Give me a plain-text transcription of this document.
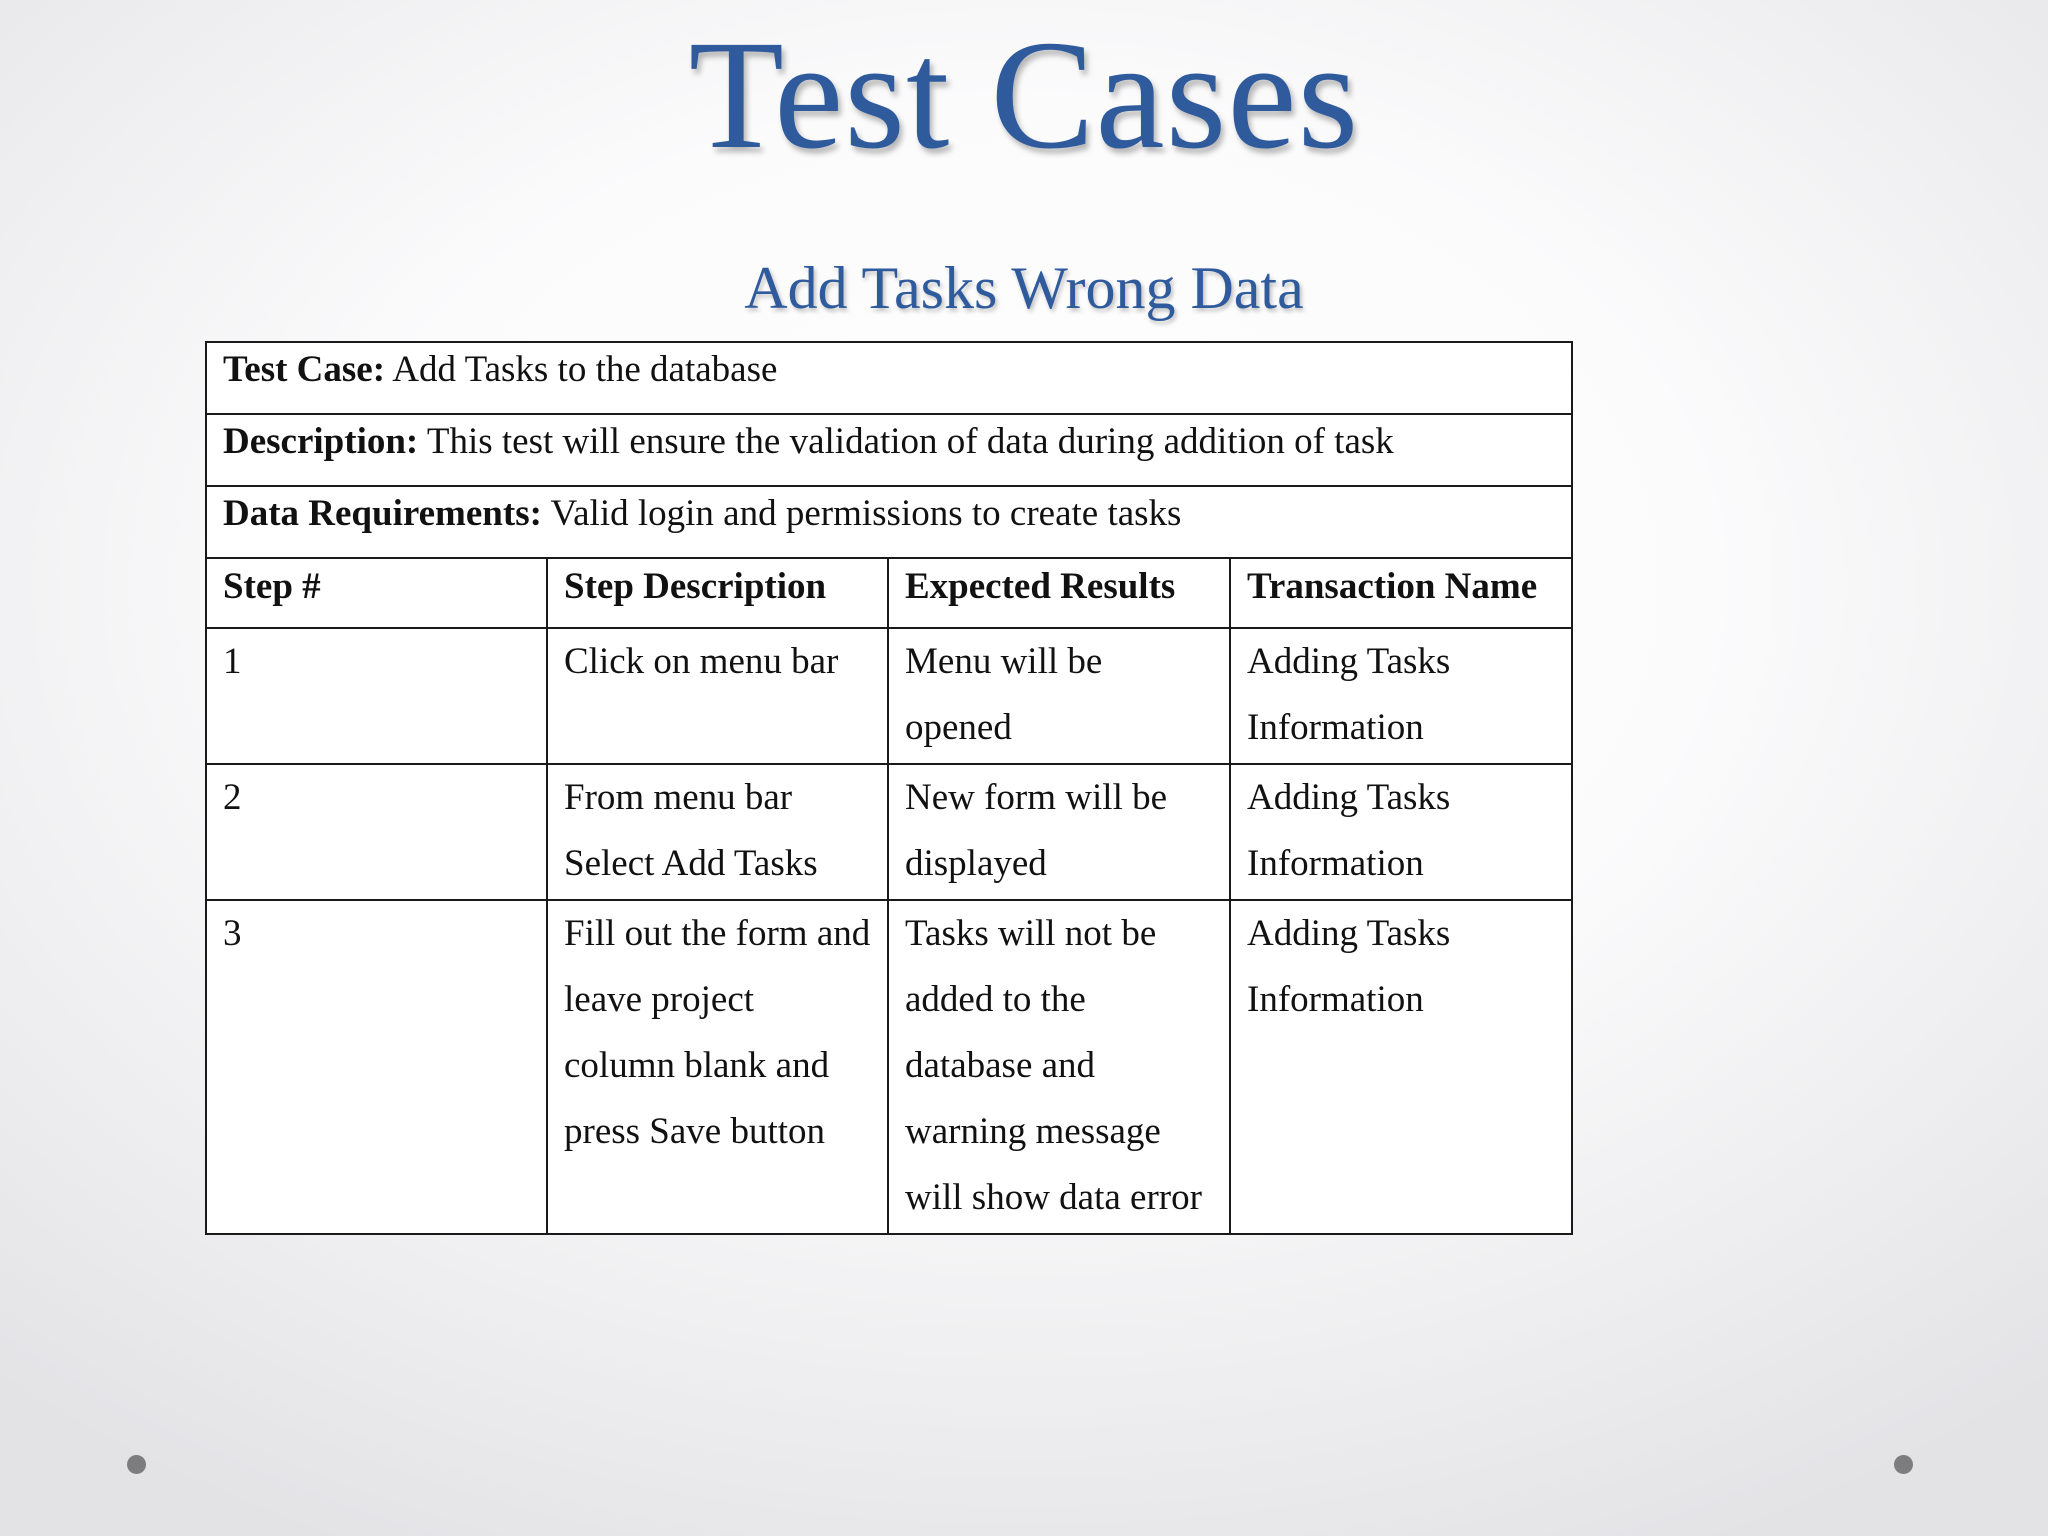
Test Cases
Add Tasks Wrong Data
Test Case: Add Tasks to the database			
Description: This test will ensure the validation of data during addition of task			
Data Requirements: Valid login and permissions to create tasks			
Step #	Step Description	Expected Results	Transaction Name
1	Click on menu bar	Menu will be opened	Adding Tasks Information
2	From menu bar Select Add Tasks	New form will be displayed	Adding Tasks Information
3	Fill out the form and leave project column blank and press Save button	Tasks will not be added to the database and warning message will show data error	Adding Tasks Information
